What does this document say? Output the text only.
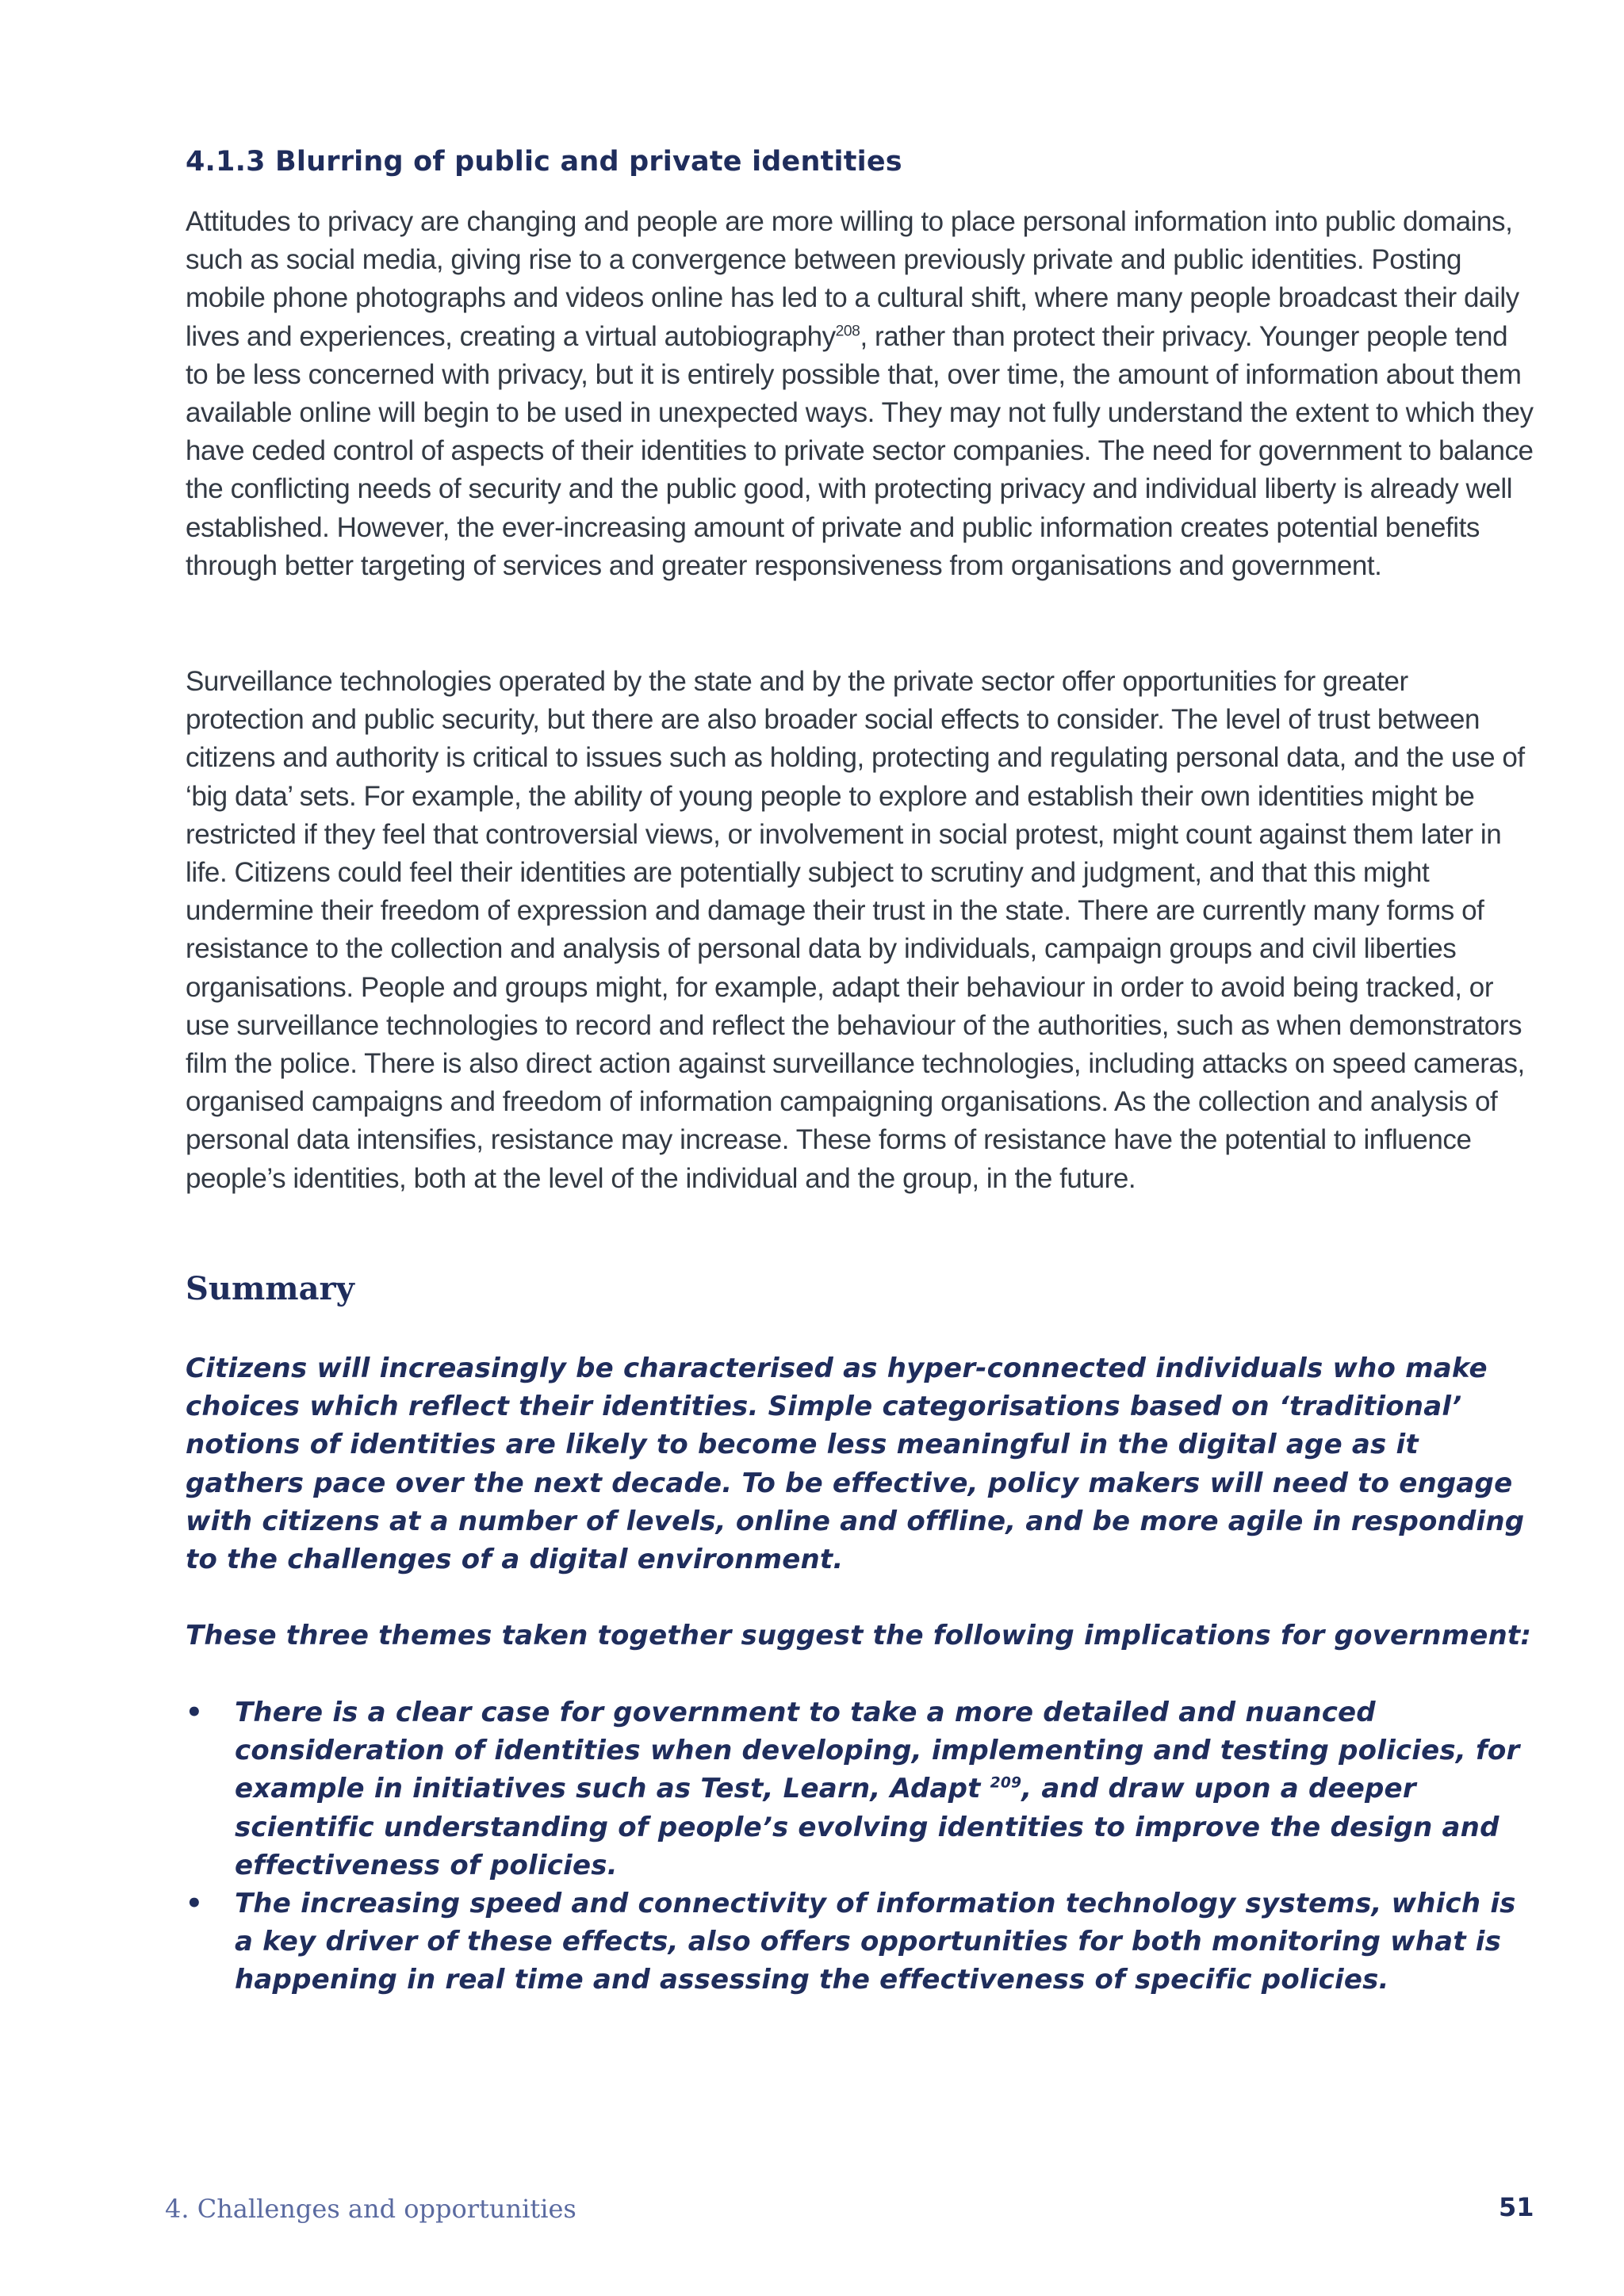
4.1.3 Blurring of public and private identities

Attitudes to privacy are changing and people are more willing to place personal information into public domains, such as social media, giving rise to a convergence between previously private and public identities. Posting mobile phone photographs and videos online has led to a cultural shift, where many people broadcast their daily lives and experiences, creating a virtual autobiography$^{208}$, rather than protect their privacy. Younger people tend to be less concerned with privacy, but it is entirely possible that, over time, the amount of information about them available online will begin to be used in unexpected ways. They may not fully understand the extent to which they have ceded control of aspects of their identities to private sector companies. The need for government to balance the conflicting needs of security and the public good, with protecting privacy and individual liberty is already well established. However, the ever-increasing amount of private and public information creates potential benefits through better targeting of services and greater responsiveness from organisations and government.

Surveillance technologies operated by the state and by the private sector offer opportunities for greater protection and public security, but there are also broader social effects to consider. The level of trust between citizens and authority is critical to issues such as holding, protecting and regulating personal data, and the use of ‘big data’ sets. For example, the ability of young people to explore and establish their own identities might be restricted if they feel that controversial views, or involvement in social protest, might count against them later in life. Citizens could feel their identities are potentially subject to scrutiny and judgment, and that this might undermine their freedom of expression and damage their trust in the state. There are currently many forms of resistance to the collection and analysis of personal data by individuals, campaign groups and civil liberties organisations. People and groups might, for example, adapt their behaviour in order to avoid being tracked, or use surveillance technologies to record and reflect the behaviour of the authorities, such as when demonstrators film the police. There is also direct action against surveillance technologies, including attacks on speed cameras, organised campaigns and freedom of information campaigning organisations. As the collection and analysis of personal data intensifies, resistance may increase. These forms of resistance have the potential to influence people’s identities, both at the level of the individual and the group, in the future.

Summary

Citizens will increasingly be characterised as hyper-connected individuals who make choices which reflect their identities. Simple categorisations based on ‘traditional’ notions of identities are likely to become less meaningful in the digital age as it gathers pace over the next decade. To be effective, policy makers will need to engage with citizens at a number of levels, online and offline, and be more agile in responding to the challenges of a digital environment.

These three themes taken together suggest the following implications for government:

• There is a clear case for government to take a more detailed and nuanced consideration of identities when developing, implementing and testing policies, for example in initiatives such as Test, Learn, Adapt $^{209}$, and draw upon a deeper scientific understanding of people’s evolving identities to improve the design and effectiveness of policies.

• The increasing speed and connectivity of information technology systems, which is a key driver of these effects, also offers opportunities for both monitoring what is happening in real time and assessing the effectiveness of specific policies.

4. Challenges and opportunities	51
